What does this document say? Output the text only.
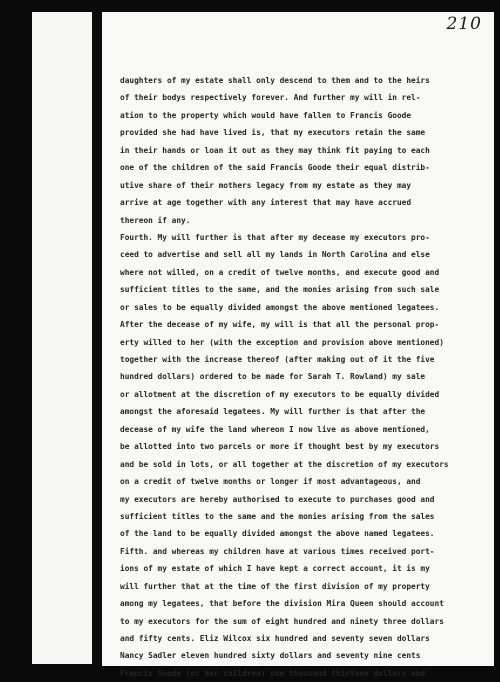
210
daughters of my estate shall only descend to them and to the heirs
of their bodys respectively forever. And further my will in rel-
ation to the property which would have fallen to Francis Goode
provided she had have lived is, that my executors retain the same
in their hands or loan it out as they may think fit paying to each
one of the children of the said Francis Goode their equal distrib-
utive share of their mothers legacy from my estate as they may
arrive at age together with any interest that may have accrued
thereon if any.
Fourth. My will further is that after my decease my executors pro-
ceed to advertise and sell all my lands in North Carolina and else
where not willed, on a credit of twelve months, and execute good and
sufficient titles to the same, and the monies arising from such sale
or sales to be equally divided amongst the above mentioned legatees.
After the decease of my wife, my will is that all the personal prop-
erty willed to her (with the exception and provision above mentioned)
together with the increase thereof (after making out of it the five
hundred dollars) ordered to be made for Sarah T. Rowland) my sale
or allotment at the discretion of my executors to be equally divided
amongst the aforesaid legatees. My will further is that after the
decease of my wife the land whereon I now live as above mentioned,
be allotted into two parcels or more if thought best by my executors
and be sold in lots, or all together at the discretion of my executors
on a credit of twelve months or longer if most advantageous, and
my executors are hereby authorised to execute to purchases good and
sufficient titles to the same and the monies arising from the sales
of the land to be equally divided amongst the above named legatees.
Fifth. and whereas my children have at various times received port-
ions of my estate of which I have kept a correct account, it is my
will further that at the time of the first division of my property
among my legatees, that before the division Mira Queen should account
to my executors for the sum of eight hundred and ninety three dollars
and fifty cents. Eliz Wilcox six hundred and seventy seven dollars
Nancy Sadler eleven hundred sixty dollars and seventy nine cents
Francis Goode (or her children) one thousand thirteen dollars and
